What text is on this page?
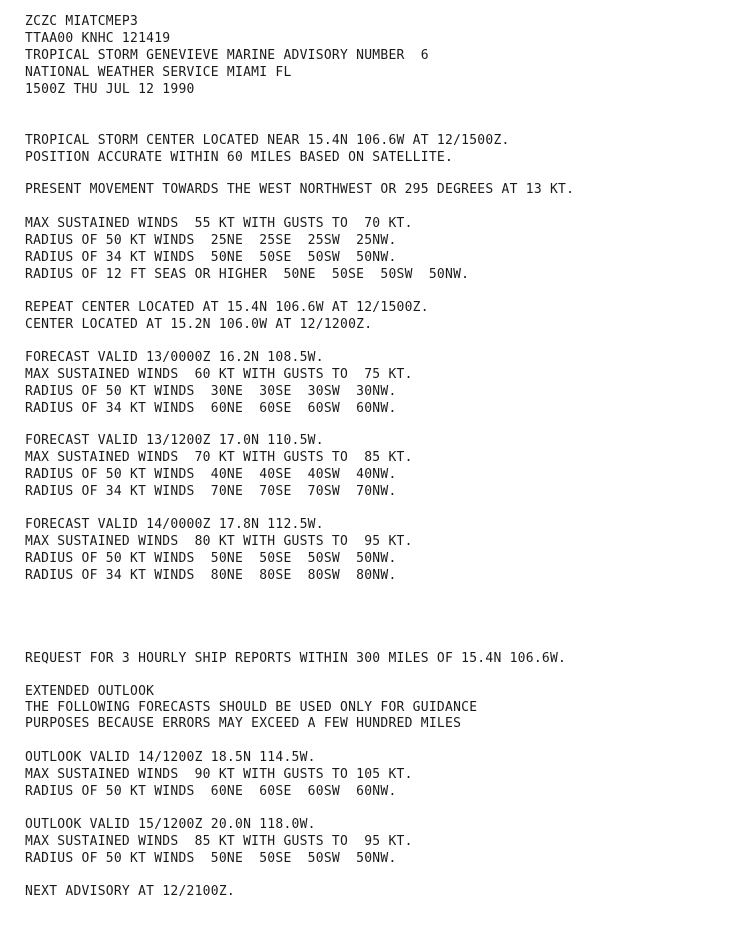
ZCZC MIATCMEP3

TTAA00 KNHC 121419

TROPICAL STORM GENEVIEVE MARINE ADVISORY NUMBER  6

NATIONAL WEATHER SERVICE MIAMI FL

1500Z THU JUL 12 1990

TROPICAL STORM CENTER LOCATED NEAR 15.4N 106.6W AT 12/1500Z.

POSITION ACCURATE WITHIN 60 MILES BASED ON SATELLITE.

PRESENT MOVEMENT TOWARDS THE WEST NORTHWEST OR 295 DEGREES AT 13 KT.

MAX SUSTAINED WINDS  55 KT WITH GUSTS TO  70 KT.

RADIUS OF 50 KT WINDS  25NE  25SE  25SW  25NW.

RADIUS OF 34 KT WINDS  50NE  50SE  50SW  50NW.

RADIUS OF 12 FT SEAS OR HIGHER  50NE  50SE  50SW  50NW.

REPEAT CENTER LOCATED AT 15.4N 106.6W AT 12/1500Z.

CENTER LOCATED AT 15.2N 106.0W AT 12/1200Z.

FORECAST VALID 13/0000Z 16.2N 108.5W.

MAX SUSTAINED WINDS  60 KT WITH GUSTS TO  75 KT.

RADIUS OF 50 KT WINDS  30NE  30SE  30SW  30NW.

RADIUS OF 34 KT WINDS  60NE  60SE  60SW  60NW.

FORECAST VALID 13/1200Z 17.0N 110.5W.

MAX SUSTAINED WINDS  70 KT WITH GUSTS TO  85 KT.

RADIUS OF 50 KT WINDS  40NE  40SE  40SW  40NW.

RADIUS OF 34 KT WINDS  70NE  70SE  70SW  70NW.

FORECAST VALID 14/0000Z 17.8N 112.5W.

MAX SUSTAINED WINDS  80 KT WITH GUSTS TO  95 KT.

RADIUS OF 50 KT WINDS  50NE  50SE  50SW  50NW.

RADIUS OF 34 KT WINDS  80NE  80SE  80SW  80NW.

REQUEST FOR 3 HOURLY SHIP REPORTS WITHIN 300 MILES OF 15.4N 106.6W.

EXTENDED OUTLOOK

THE FOLLOWING FORECASTS SHOULD BE USED ONLY FOR GUIDANCE

PURPOSES BECAUSE ERRORS MAY EXCEED A FEW HUNDRED MILES

OUTLOOK VALID 14/1200Z 18.5N 114.5W.

MAX SUSTAINED WINDS  90 KT WITH GUSTS TO 105 KT.

RADIUS OF 50 KT WINDS  60NE  60SE  60SW  60NW.

OUTLOOK VALID 15/1200Z 20.0N 118.0W.

MAX SUSTAINED WINDS  85 KT WITH GUSTS TO  95 KT.

RADIUS OF 50 KT WINDS  50NE  50SE  50SW  50NW.

NEXT ADVISORY AT 12/2100Z.
